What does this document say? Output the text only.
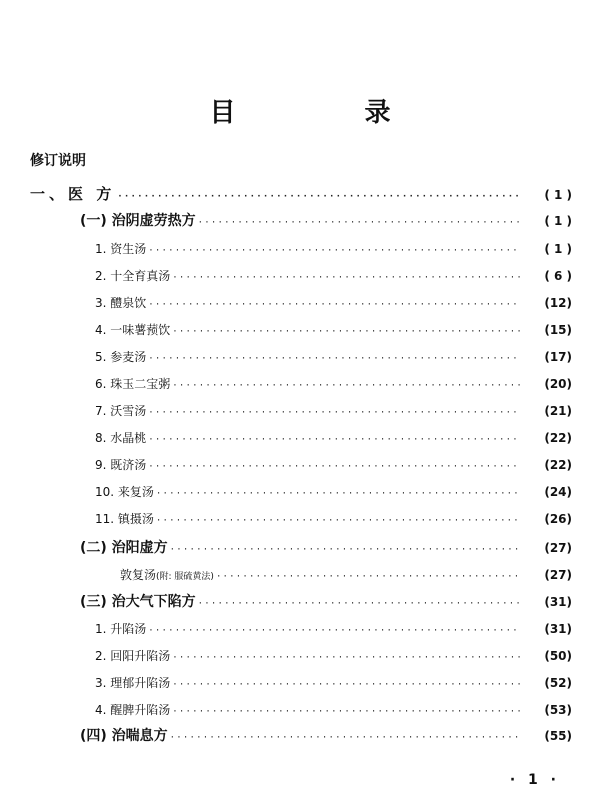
目 录
修订说明
一、医 方 ·····	( 1 )
(一) 治阴虚劳热方 ·····	( 1 )
1. 资生汤 ·····	( 1 )
2. 十全育真汤 ·····	( 6 )
3. 醴泉饮 ·····	(12)
4. 一味薯蓣饮 ·····	(15)
5. 参麦汤 ·····	(17)
6. 珠玉二宝粥 ·····	(20)
7. 沃雪汤 ·····	(21)
8. 水晶桃 ·····	(22)
9. 既济汤 ·····	(22)
10. 来复汤 ·····	(24)
11. 镇摄汤 ·····	(26)
(二) 治阳虚方 ·····	(27)
敦复汤 (附: 服硫黄法) ·····	(27)
(三) 治大气下陷方 ·····	(31)
1. 升陷汤 ·····	(31)
2. 回阳升陷汤 ·····	(50)
3. 理郁升陷汤 ·····	(52)
4. 醒脾升陷汤 ·····	(53)
(四) 治喘息方 ·····	(55)
· 1 ·
